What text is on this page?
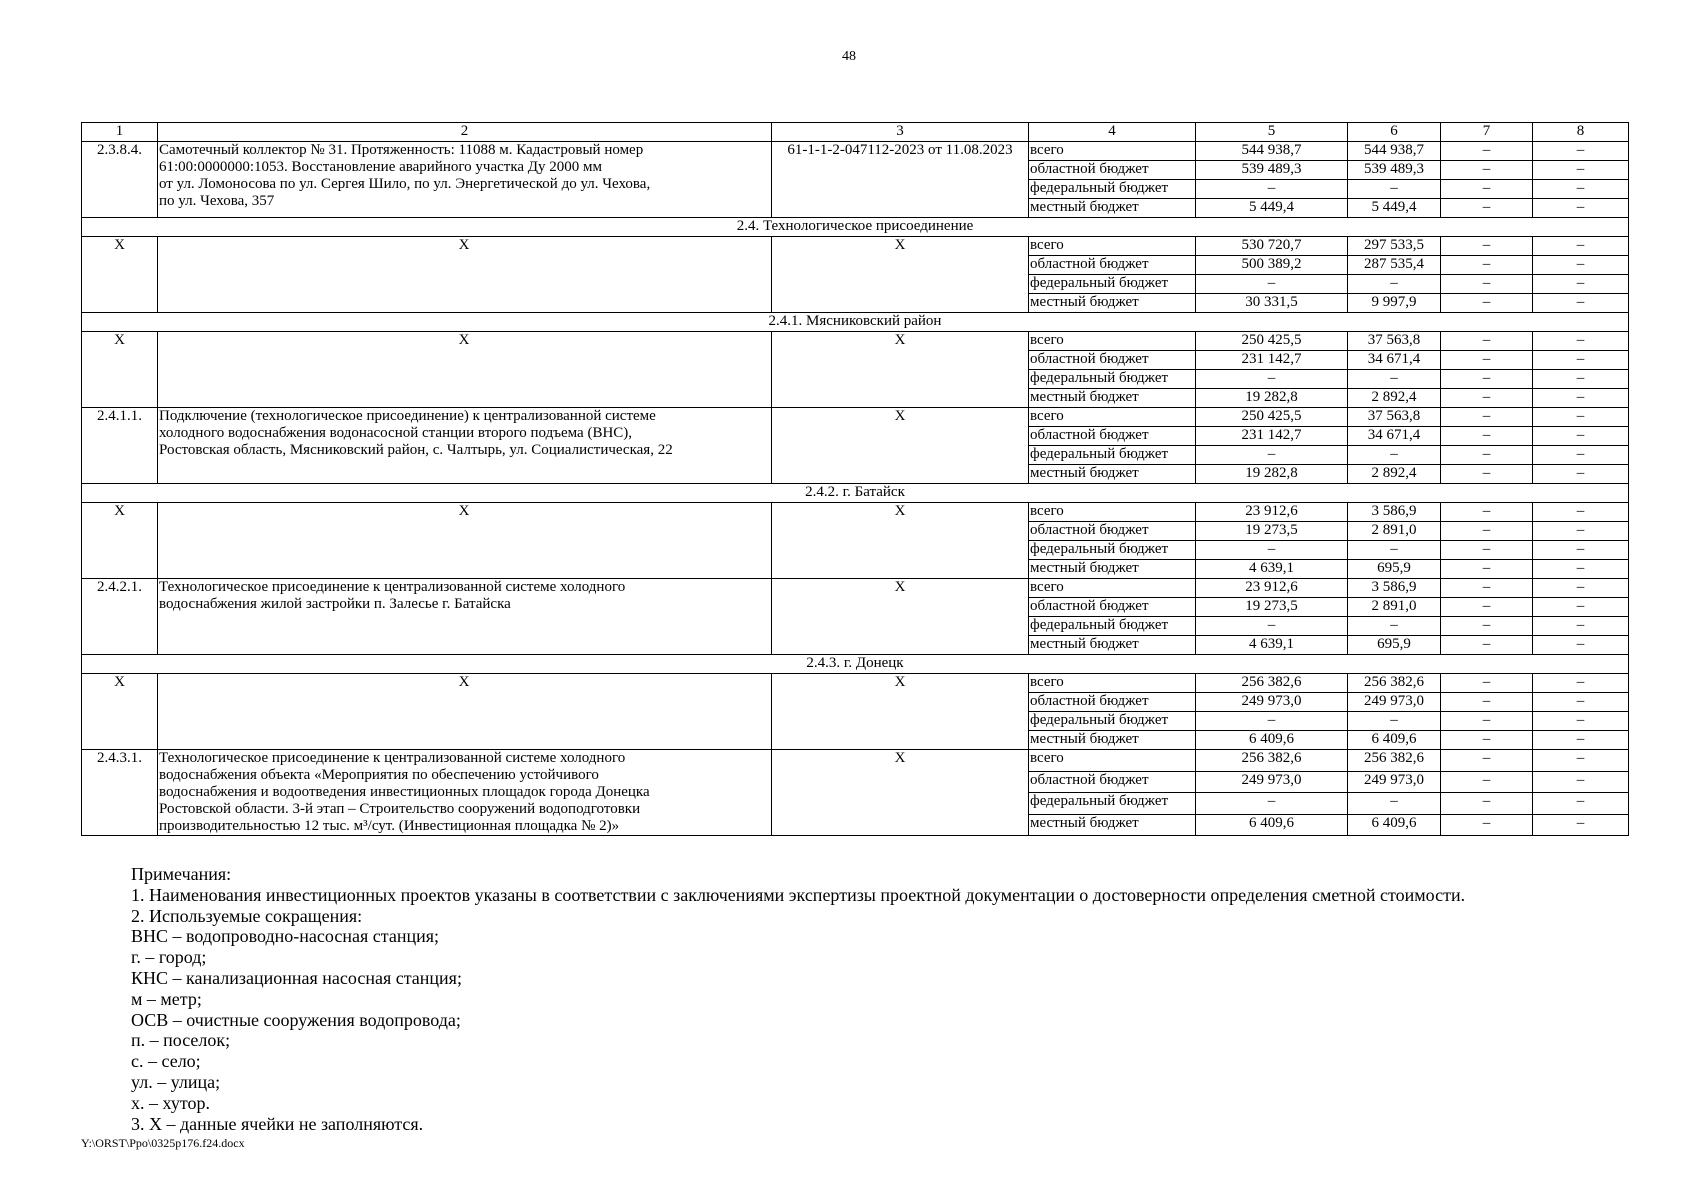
48
1	2	3	4	5	6	7	8
2.3.8.4.	Самотечный коллектор № 31. Протяженность: 11088 м. Кадастровый номер
61:00:0000000:1053. Восстановление аварийного участка Ду 2000 мм
от ул. Ломоносова по ул. Сергея Шило, по ул. Энергетической до ул. Чехова,
по ул. Чехова, 357	61-1-1-2-047112-2023 от 11.08.2023	всего	544 938,7	544 938,7	–	–
			областной бюджет	539 489,3	539 489,3	–	–
			федеральный бюджет	–	–	–	–
			местный бюджет	5 449,4	5 449,4	–	–
2.4. Технологическое присоединение							
Х	Х	Х	всего	530 720,7	297 533,5	–	–
			областной бюджет	500 389,2	287 535,4	–	–
			федеральный бюджет	–	–	–	–
			местный бюджет	30 331,5	9 997,9	–	–
2.4.1. Мясниковский район							
Х	Х	Х	всего	250 425,5	37 563,8	–	–
			областной бюджет	231 142,7	34 671,4	–	–
			федеральный бюджет	–	–	–	–
			местный бюджет	19 282,8	2 892,4	–	–
2.4.1.1.	Подключение (технологическое присоединение) к централизованной системе
холодного водоснабжения водонасосной станции второго подъема (ВНС),
Ростовская область, Мясниковский район, с. Чалтырь, ул. Социалистическая, 22	Х	всего	250 425,5	37 563,8	–	–
			областной бюджет	231 142,7	34 671,4	–	–
			федеральный бюджет	–	–	–	–
			местный бюджет	19 282,8	2 892,4	–	–
2.4.2. г. Батайск							
Х	Х	Х	всего	23 912,6	3 586,9	–	–
			областной бюджет	19 273,5	2 891,0	–	–
			федеральный бюджет	–	–	–	–
			местный бюджет	4 639,1	695,9	–	–
2.4.2.1.	Технологическое присоединение к централизованной системе холодного
водоснабжения жилой застройки п. Залесье г. Батайска	Х	всего	23 912,6	3 586,9	–	–
			областной бюджет	19 273,5	2 891,0	–	–
			федеральный бюджет	–	–	–	–
			местный бюджет	4 639,1	695,9	–	–
2.4.3. г. Донецк							
Х	Х	Х	всего	256 382,6	256 382,6	–	–
			областной бюджет	249 973,0	249 973,0	–	–
			федеральный бюджет	–	–	–	–
			местный бюджет	6 409,6	6 409,6	–	–
2.4.3.1.	Технологическое присоединение к централизованной системе холодного
водоснабжения объекта «Мероприятия по обеспечению устойчивого
водоснабжения и водоотведения инвестиционных площадок города Донецка
Ростовской области. 3-й этап – Строительство сооружений водоподготовки
производительностью 12 тыс. м³/сут. (Инвестиционная площадка № 2)»	Х	всего	256 382,6	256 382,6	–	–
			областной бюджет	249 973,0	249 973,0	–	–
			федеральный бюджет	–	–	–	–
			местный бюджет	6 409,6	6 409,6	–	–
Примечания:
1. Наименования инвестиционных проектов указаны в соответствии с заключениями экспертизы проектной документации о достоверности определения сметной стоимости.
2. Используемые сокращения:
ВНС – водопроводно-насосная станция;
г. – город;
КНС – канализационная насосная станция;
м – метр;
ОСВ – очистные сооружения водопровода;
п. – поселок;
с. – село;
ул. – улица;
х. – хутор.
3. Х – данные ячейки не заполняются.
Y:\ORST\Ppo\0325p176.f24.docx
